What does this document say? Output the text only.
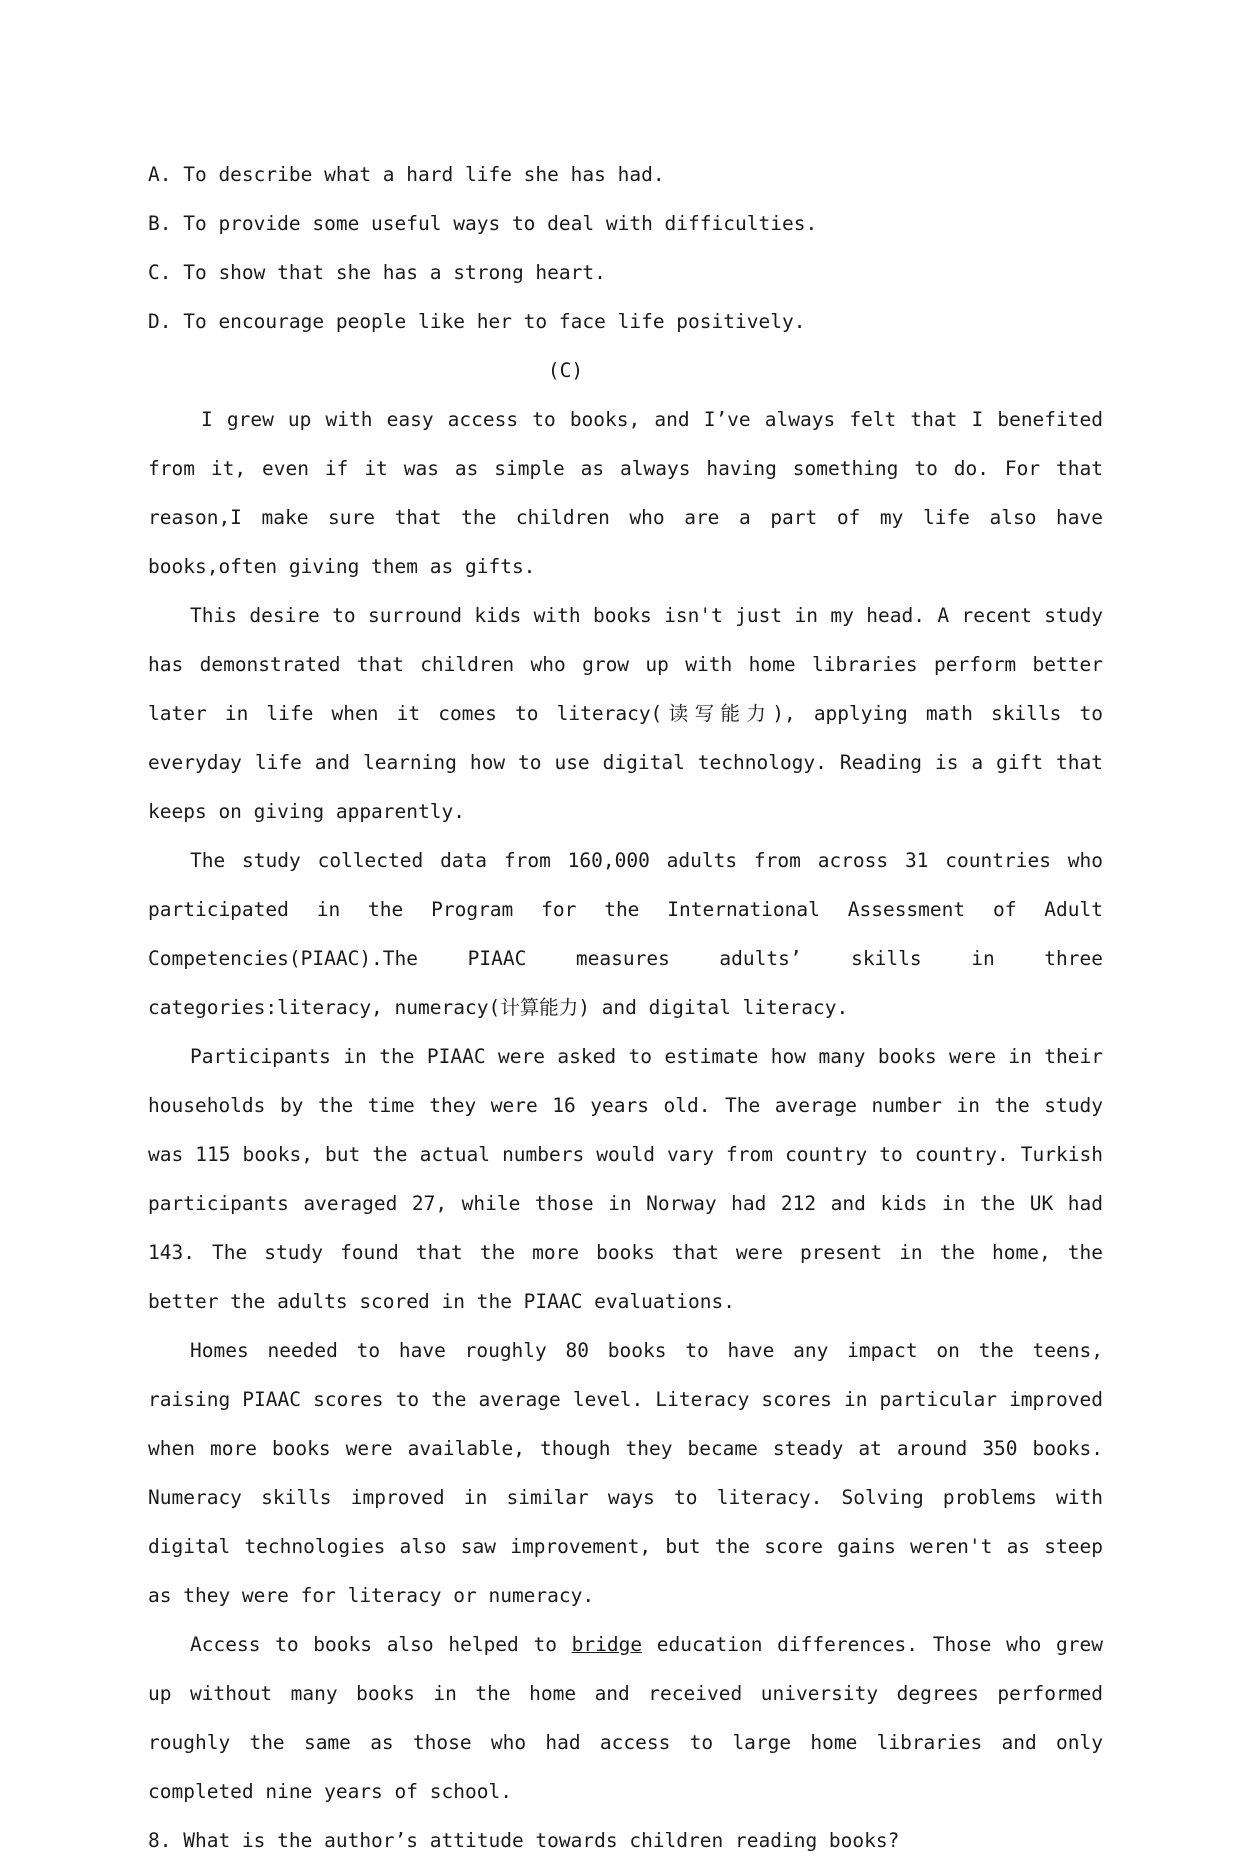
A. To describe what a hard life she has had.
B. To provide some useful ways to deal with difficulties.
C. To show that she has a strong heart.
D. To encourage people like her to face life positively.
(C)

I grew up with easy access to books, and I’ve always felt that I benefited from it, even if it was as simple as always having something to do. For that reason,I make sure that the children who are a part of my life also have books,often giving them as gifts.

This desire to surround kids with books isn't just in my head. A recent study has demonstrated that children who grow up with home libraries perform better later in life when it comes to literacy(读写能力), applying math skills to everyday life and learning how to use digital technology. Reading is a gift that keeps on giving apparently.

The study collected data from 160,000 adults from across 31 countries who participated in the Program for the International Assessment of Adult Competencies(PIAAC).The PIAAC measures adults’ skills in three categories:literacy, numeracy(计算能力) and digital literacy.

Participants in the PIAAC were asked to estimate how many books were in their households by the time they were 16 years old. The average number in the study was 115 books, but the actual numbers would vary from country to country. Turkish participants averaged 27, while those in Norway had 212 and kids in the UK had 143. The study found that the more books that were present in the home, the better the adults scored in the PIAAC evaluations.

Homes needed to have roughly 80 books to have any impact on the teens, raising PIAAC scores to the average level. Literacy scores in particular improved when more books were available, though they became steady at around 350 books. Numeracy skills improved in similar ways to literacy. Solving problems with digital technologies also saw improvement, but the score gains weren't as steep as they were for literacy or numeracy.

Access to books also helped to bridge education differences. Those who grew up without many books in the home and received university degrees performed roughly the same as those who had access to large home libraries and only completed nine years of school.

8. What is the author’s attitude towards children reading books?
